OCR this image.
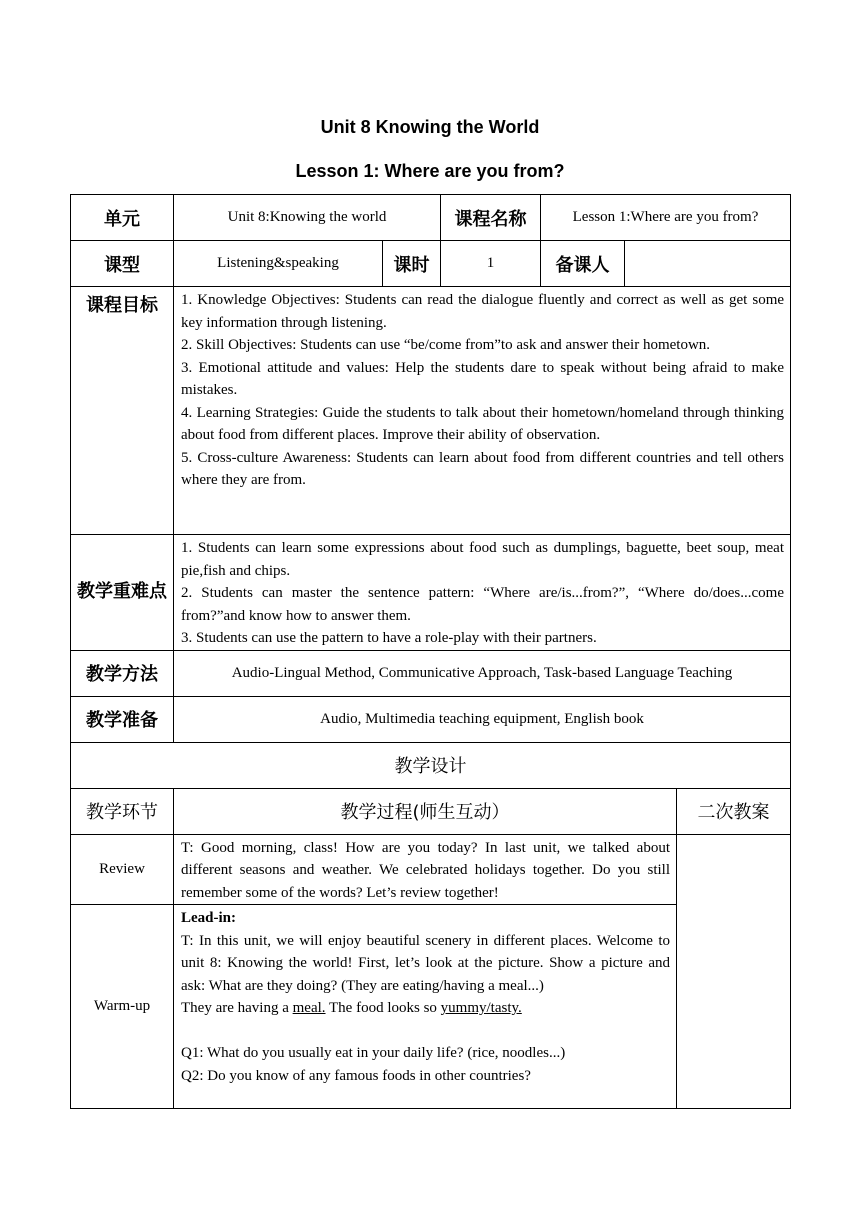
Unit 8 Knowing the World
Lesson 1: Where are you from?
单元	Unit 8:Knowing the world		课程名称	Lesson 1:Where are you from?		
课型	Listening&speaking	课时	1	备课人		
课程目标	1. Knowledge Objectives: Students can read the dialogue fluently and correct as well as get some key information through listening.

2. Skill Objectives: Students can use “be/come from”to ask and answer their hometown.

3. Emotional attitude and values: Help the students dare to speak without being afraid to make mistakes.

4. Learning Strategies: Guide the students to talk about their hometown/homeland through thinking about food from different places. Improve their ability of observation.

5. Cross-culture Awareness: Students can learn about food from different countries and tell others where they are from.					

教学重难点	1. Students can learn some expressions about food such as dumplings, baguette, beet soup, meat pie,fish and chips.

2. Students can master the sentence pattern: “Where are/is...from?”, “Where do/does...come from?”and know how to answer them.

3. Students can use the pattern to have a role-play with their partners.					

教学方法	Audio-Lingual Method, Communicative Approach, Task-based Language Teaching					
教学准备	Audio, Multimedia teaching equipment, English book					
教学设计						
教学环节	教学过程(师生互动）					二次教案
Review	T: Good morning, class! How are you today? In last unit, we talked about different seasons and weather. We celebrated holidays together. Do you still remember some of the words? Let’s review together!					

Warm-up	Lead-in:

T: In this unit, we will enjoy beautiful scenery in different places. Welcome to unit 8: Knowing the world! First, let’s look at the picture. Show a picture and ask: What are they doing? (They are eating/having a meal...)

They are having a meal. The food looks so yummy/tasty.

Q1: What do you usually eat in your daily life? (rice, noodles...)

Q2: Do you know of any famous foods in other countries?					
